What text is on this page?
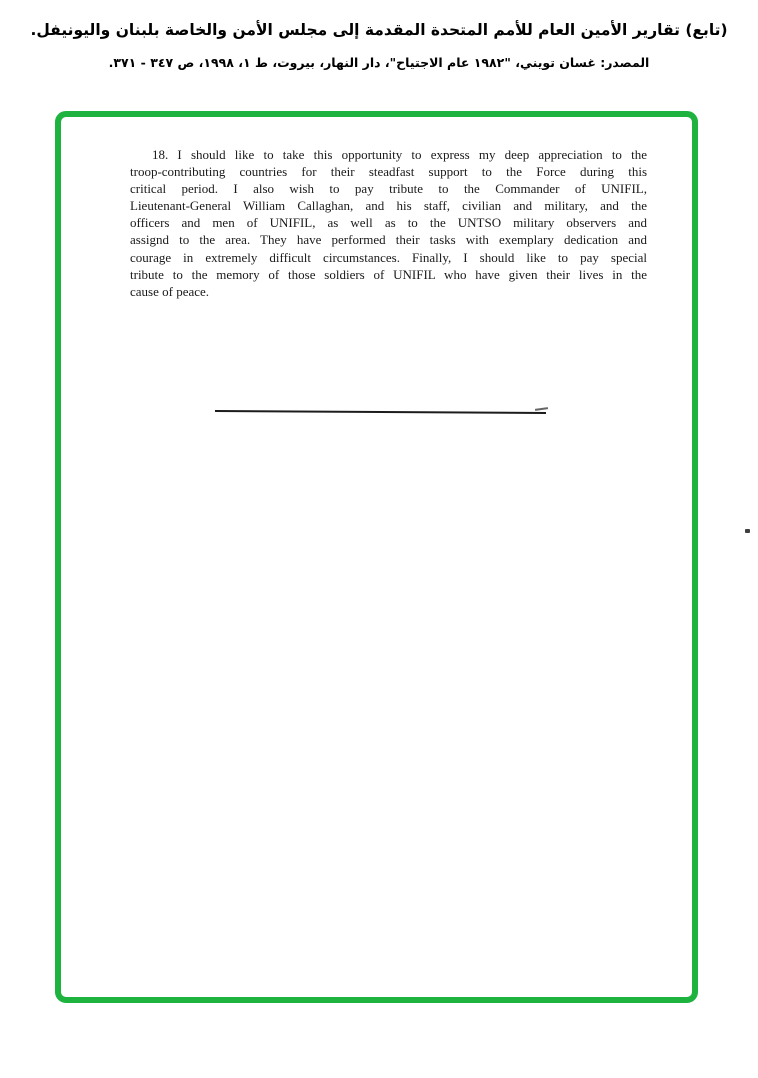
(تابع) تقارير الأمين العام للأمم المتحدة المقدمة إلى مجلس الأمن والخاصة بلبنان واليونيفل.
المصدر: غسان تويني، "١٩٨٢ عام الاجتياح"، دار النهار، بيروت، ط ١، ١٩٩٨، ص ٣٤٧ - ٣٧١.
18. I should like to take this opportunity to express my deep appreciation to the
troop-contributing countries for their steadfast support to the Force during this
critical period. I also wish to pay tribute to the Commander of UNIFIL,
Lieutenant-General William Callaghan, and his staff, civilian and military, and the
officers and men of UNIFIL, as well as to the UNTSO military observers and
assignd to the area. They have performed their tasks with exemplary dedication and
courage in extremely difficult circumstances. Finally, I should like to pay special
tribute to the memory of those soldiers of UNIFIL who have given their lives in the
cause of peace.
